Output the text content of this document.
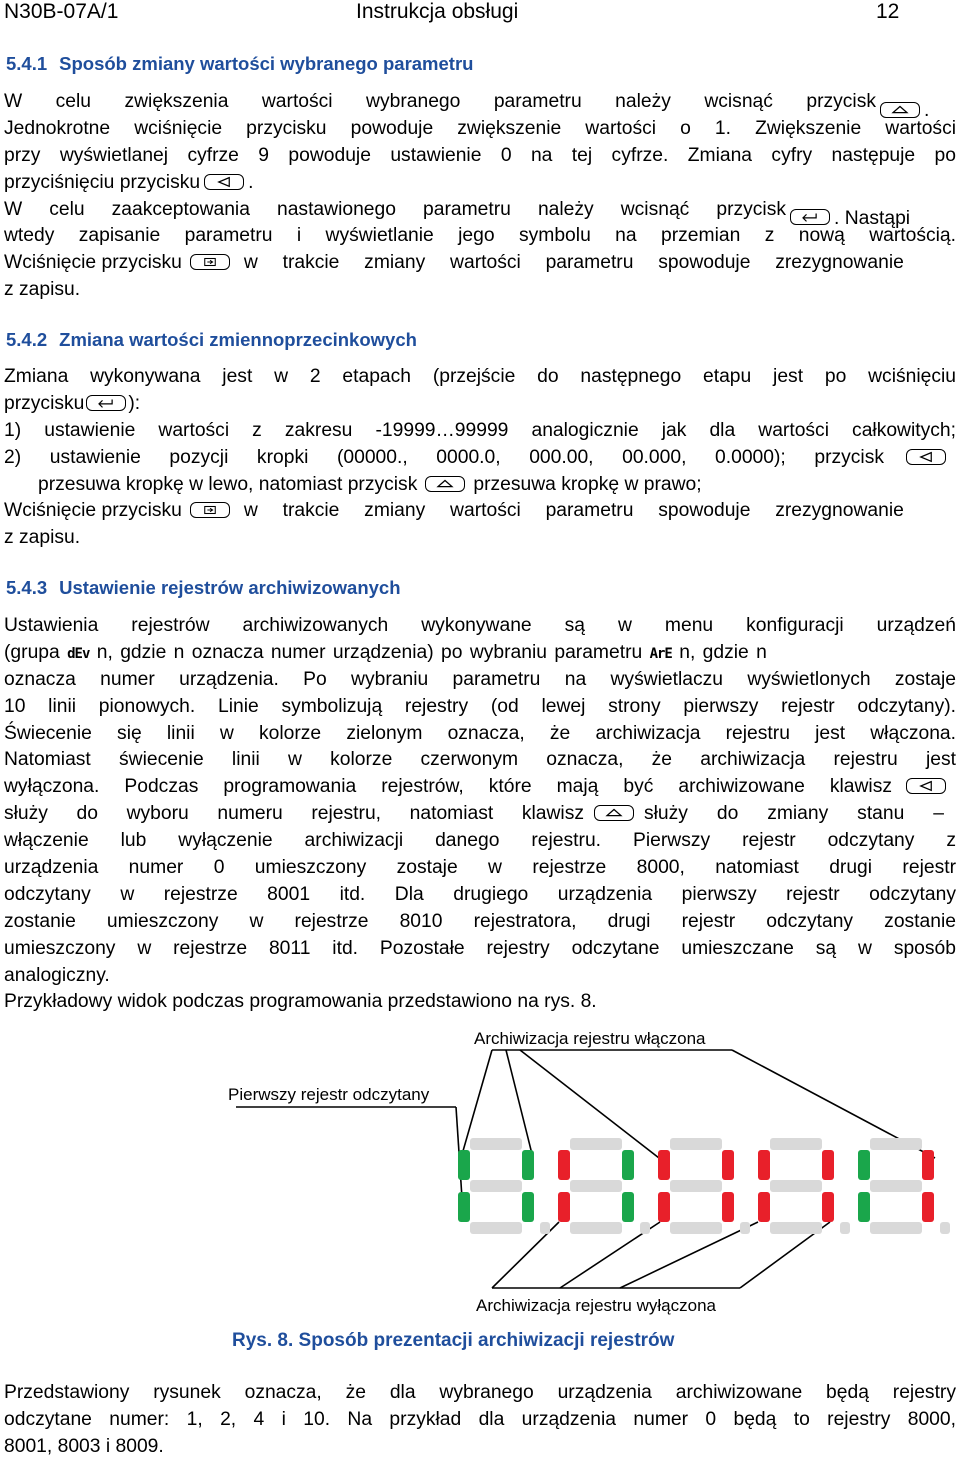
N30B-07A/1	Instrukcja obsługi	12
5.4.1 Sposób zmiany wartości wybranego parametru
W celu zwiększenia wartości wybranego parametru należy wcisnąć przycisk .
Jednokrotne wciśnięcie przycisku powoduje zwiększenie wartości o 1. Zwiększenie wartości
przy wyświetlanej cyfrze 9 powoduje ustawienie 0 na tej cyfrze. Zmiana cyfry następuje po
przyciśnięciu przycisku .
W celu zaakceptowania nastawionego parametru należy wcisnąć przycisk . Nastąpi
wtedy zapisanie parametru i wyświetlanie jego symbolu na przemian z nową wartością.
Wciśnięcie przycisku	w trakcie zmiany wartości parametru spowoduje zrezygnowanie
z zapisu.
5.4.2 Zmiana wartości zmiennoprzecinkowych
Zmiana wykonywana jest w 2 etapach (przejście do następnego etapu jest po wciśnięciu
przycisku ):
1) ustawienie wartości z zakresu -19999…99999 analogicznie jak dla wartości całkowitych;
2) ustawienie pozycji kropki (00000., 0000.0, 000.00, 00.000, 0.0000); przycisk
przesuwa kropkę w lewo, natomiast przycisk	przesuwa kropkę w prawo;
Wciśnięcie przycisku	w trakcie zmiany wartości parametru spowoduje zrezygnowanie
z zapisu.
5.4.3 Ustawienie rejestrów archiwizowanych
Ustawienia rejestrów archiwizowanych wykonywane są w menu konfiguracji urządzeń
(grupa dEv n, gdzie n oznacza numer urządzenia) po wybraniu parametru ArE n, gdzie n
oznacza numer urządzenia. Po wybraniu parametru na wyświetlaczu wyświetlonych zostaje
10 linii pionowych. Linie symbolizują rejestry (od lewej strony pierwszy rejestr odczytany).
Świecenie się linii w kolorze zielonym oznacza, że archiwizacja rejestru jest włączona.
Natomiast świecenie linii w kolorze czerwonym oznacza, że archiwizacja rejestru jest
wyłączona. Podczas programowania rejestrów, które mają być archiwizowane klawisz
służy do wyboru numeru rejestru, natomiast klawisz	służy do zmiany stanu –
włączenie lub wyłączenie archiwizacji danego rejestru. Pierwszy rejestr odczytany z
urządzenia numer 0 umieszczony zostaje w rejestrze 8000, natomiast drugi rejestr
odczytany w rejestrze 8001 itd. Dla drugiego urządzenia pierwszy rejestr odczytany
zostanie umieszczony w rejestrze 8010 rejestratora, drugi rejestr odczytany zostanie
umieszczony w rejestrze 8011 itd. Pozostałe rejestry odczytane umieszczane są w sposób
analogiczny.
Przykładowy widok podczas programowania przedstawiono na rys. 8.
Archiwizacja rejestru włączona
Pierwszy rejestr odczytany
Archiwizacja rejestru wyłączona
Rys. 8. Sposób prezentacji archiwizacji rejestrów
Przedstawiony rysunek oznacza, że dla wybranego urządzenia archiwizowane będą rejestry
odczytane numer: 1, 2, 4 i 10. Na przykład dla urządzenia numer 0 będą to rejestry 8000,
8001, 8003 i 8009.
